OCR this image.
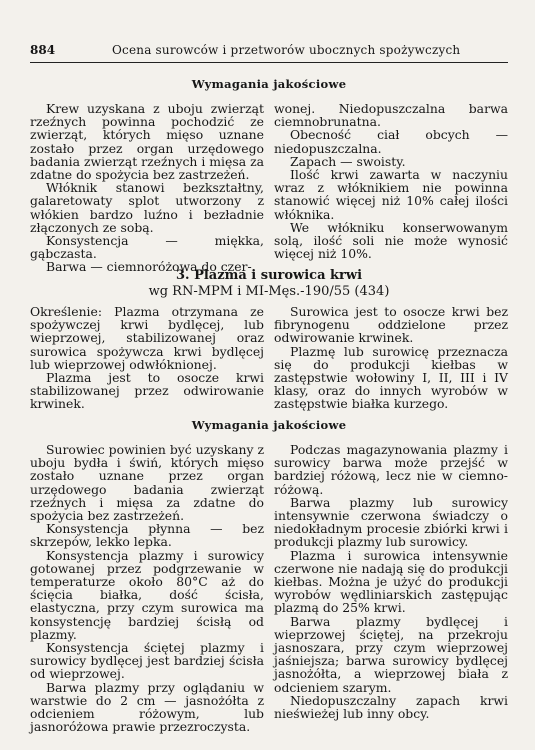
884	Ocena surowców i przetworów ubocznych spożywczych
Wymagania jakościowe

Krew uzyskana z uboju zwierząt rzeźnych powinna pochodzić ze zwierząt, których mięso uznane zostało przez organ urzędowego badania zwierząt rzeźnych i mięsa za zdatne do spożycia bez zastrzeżeń.

Włóknik stanowi bezkształtny, galaretowaty splot utworzony z włókien bardzo luźno i bezładnie złączonych ze sobą.

Konsystencja — miękka, gąbczasta.

Barwa — ciemnoróżowa do czer-

wonej. Niedopuszczalna barwa ciemnobrunatna.

Obecność ciał obcych — niedopuszczalna.

Zapach — swoisty.

Ilość krwi zawarta w naczyniu wraz z włóknikiem nie powinna stanowić więcej niż 10% całej ilości włóknika.

We włókniku konserwowanym solą, ilość soli nie może wynosić więcej niż 10%.

3. Plazma i surowica krwi
wg RN-MPM i MI-Męs.-190/55 (434)

Określenie: Plazma otrzymana ze spożywczej krwi bydlęcej, lub wieprzowej, stabilizowanej oraz surowica spożywcza krwi bydlęcej lub wieprzowej odwłóknionej.

Plazma jest to osocze krwi stabilizowanej przez odwirowanie krwinek.

Surowica jest to osocze krwi bez fibrynogenu oddzielone przez odwirowanie krwinek.

Plazmę lub surowicę przeznacza się do produkcji kiełbas w zastępstwie wołowiny I, II, III i IV klasy, oraz do innych wyrobów w zastępstwie białka kurzego.

Wymagania jakościowe

Surowiec powinien być uzyskany z uboju bydła i świń, których mięso zostało uznane przez organ urzędowego badania zwierząt rzeźnych i mięsa za zdatne do spożycia bez zastrzeżeń.

Konsystencja płynna — bez skrzepów, lekko lepka.

Konsystencja plazmy i surowicy gotowanej przez podgrzewanie w temperaturze około 80°C aż do ścięcia białka, dość ścisła, elastyczna, przy czym surowica ma konsystencję bardziej ścisłą od plazmy.

Konsystencja ściętej plazmy i surowicy bydlęcej jest bardziej ścisła od wieprzowej.

Barwa plazmy przy oglądaniu w warstwie do 2 cm — jasnożółta z odcieniem różowym, lub jasnoróżowa prawie przezroczysta.

Podczas magazynowania plazmy i surowicy barwa może przejść w bardziej różową, lecz nie w ciemno-różową.

Barwa plazmy lub surowicy intensywnie czerwona świadczy o niedokładnym procesie zbiórki krwi i produkcji plazmy lub surowicy.

Plazma i surowica intensywnie czerwone nie nadają się do produkcji kiełbas. Można je użyć do produkcji wyrobów wędliniarskich zastępując plazmą do 25% krwi.

Barwa plazmy bydlęcej i wieprzowej ściętej, na przekroju jasnoszara, przy czym wieprzowej jaśniejsza; barwa surowicy bydlęcej jasnożółta, a wieprzowej biała z odcieniem szarym.

Niedopuszczalny zapach krwi nieświeżej lub inny obcy.
